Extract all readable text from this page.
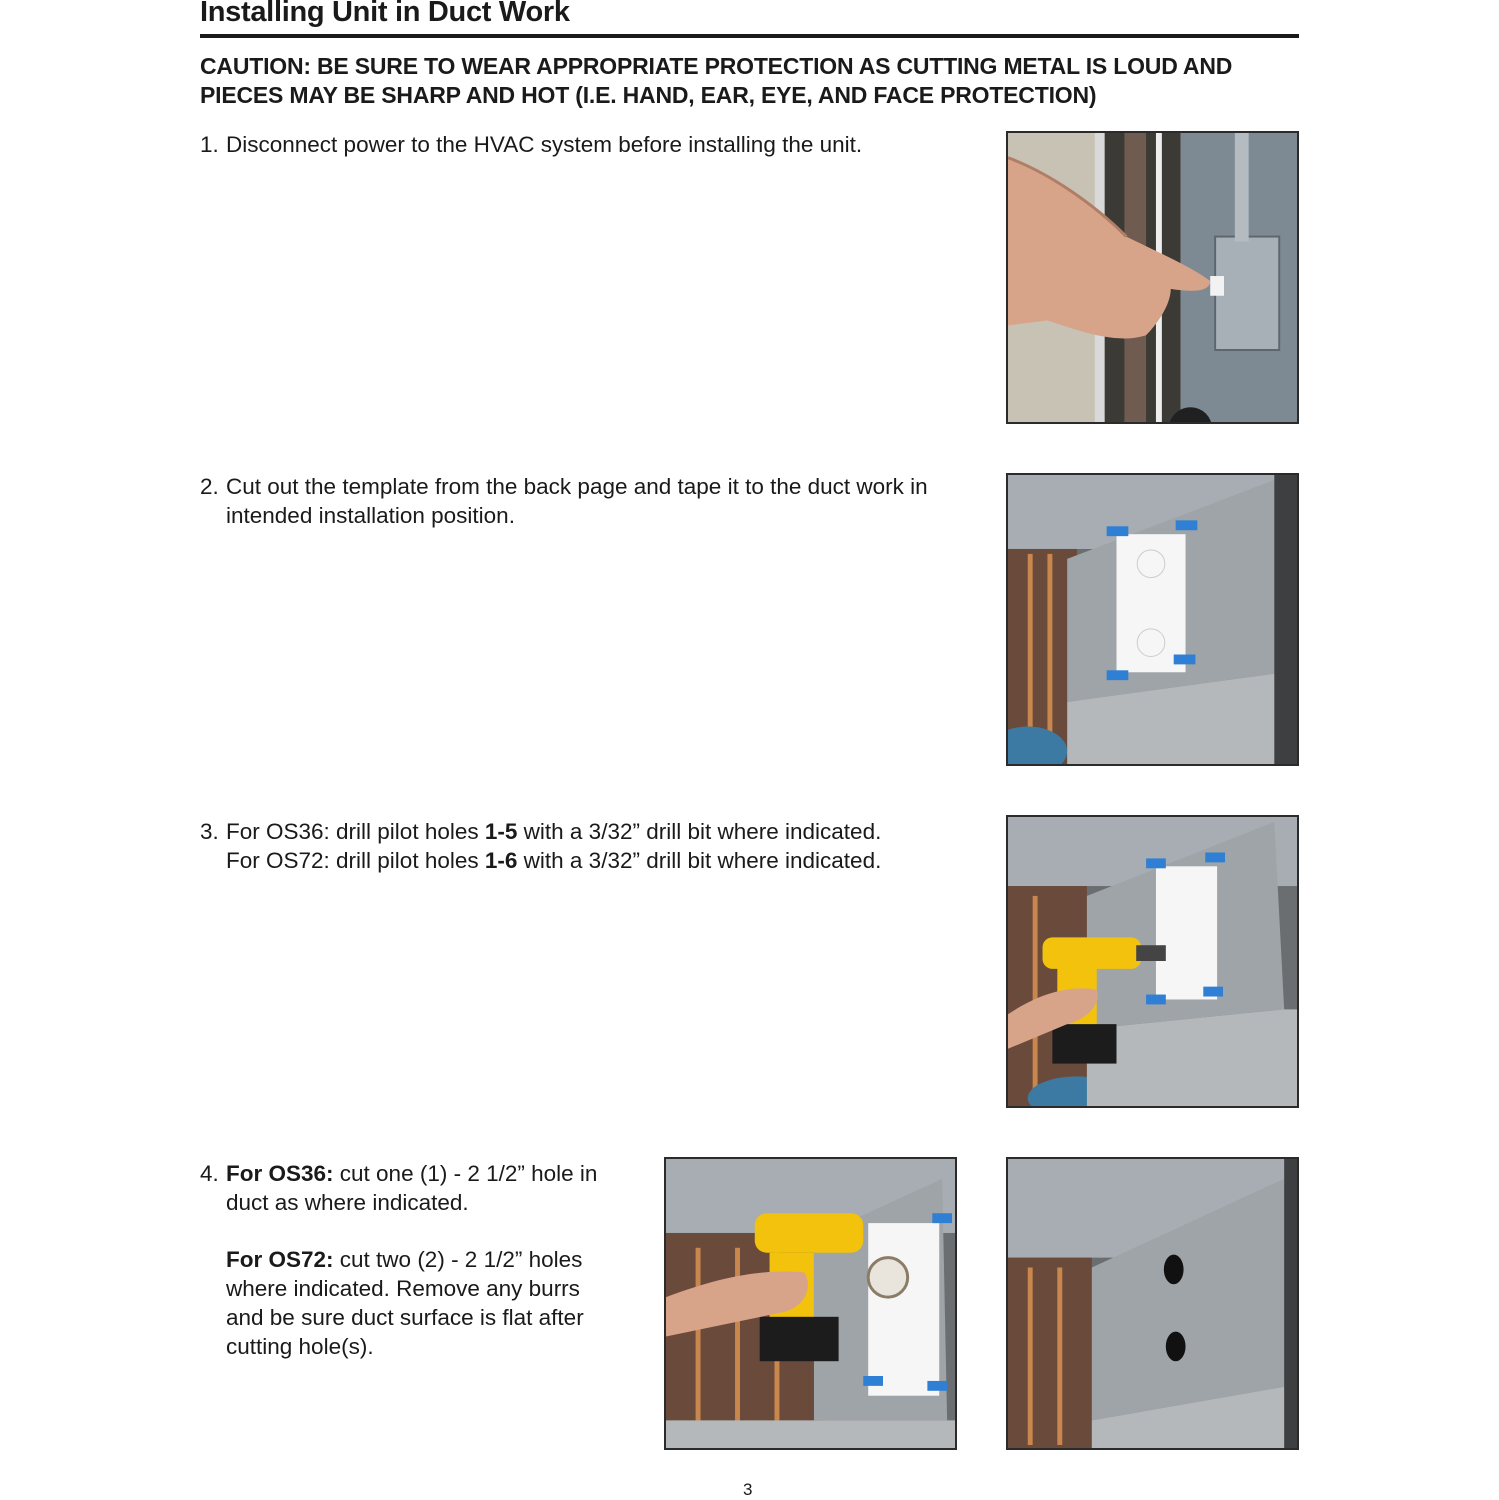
Installing Unit in Duct Work
CAUTION: BE SURE TO WEAR APPROPRIATE PROTECTION AS CUTTING METAL IS LOUD AND
PIECES MAY BE SHARP AND HOT (I.E. HAND, EAR, EYE, AND FACE PROTECTION)
1. Disconnect power to the HVAC system before installing the unit.
2. Cut out the template from the back page and tape it to the duct work in
intended installation position.
3. For OS36: drill pilot holes 1-5 with a 3/32” drill bit where indicated.
For OS72: drill pilot holes 1-6 with a 3/32” drill bit where indicated.
4. For OS36: cut one (1) - 2 1/2” hole in
duct as where indicated.
For OS72: cut two (2) - 2 1/2” holes
where indicated. Remove any burrs
and be sure duct surface is flat after
cutting hole(s).
3
